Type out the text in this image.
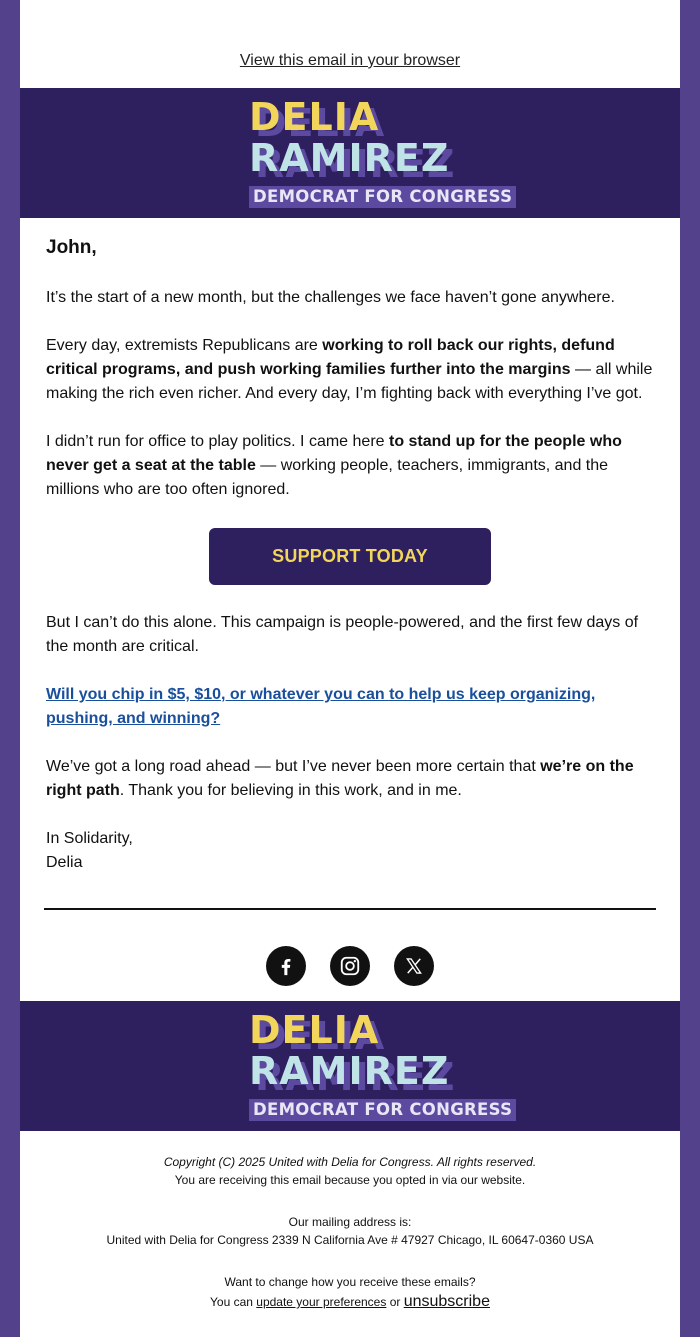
View this email in your browser
DELIA
RAMIREZ
DEMOCRAT FOR CONGRESS
John,
It’s the start of a new month, but the challenges we face haven’t gone anywhere.
Every day, extremists Republicans are working to roll back our rights, defund critical programs, and push working families further into the margins — all while making the rich even richer. And every day, I’m fighting back with everything I’ve got.
I didn’t run for office to play politics. I came here to stand up for the people who never get a seat at the table — working people, teachers, immigrants, and the millions who are too often ignored.
SUPPORT TODAY
But I can’t do this alone. This campaign is people-powered, and the first few days of the month are critical.
Will you chip in $5, $10, or whatever you can to help us keep organizing, pushing, and winning?
We’ve got a long road ahead — but I’ve never been more certain that we’re on the right path. Thank you for believing in this work, and in me.
In Solidarity,
Delia
DELIA
RAMIREZ
DEMOCRAT FOR CONGRESS
Copyright (C) 2025 United with Delia for Congress. All rights reserved.
You are receiving this email because you opted in via our website.
Our mailing address is:
United with Delia for Congress 2339 N California Ave # 47927 Chicago, IL 60647-0360 USA
Want to change how you receive these emails?
You can update your preferences or unsubscribe
